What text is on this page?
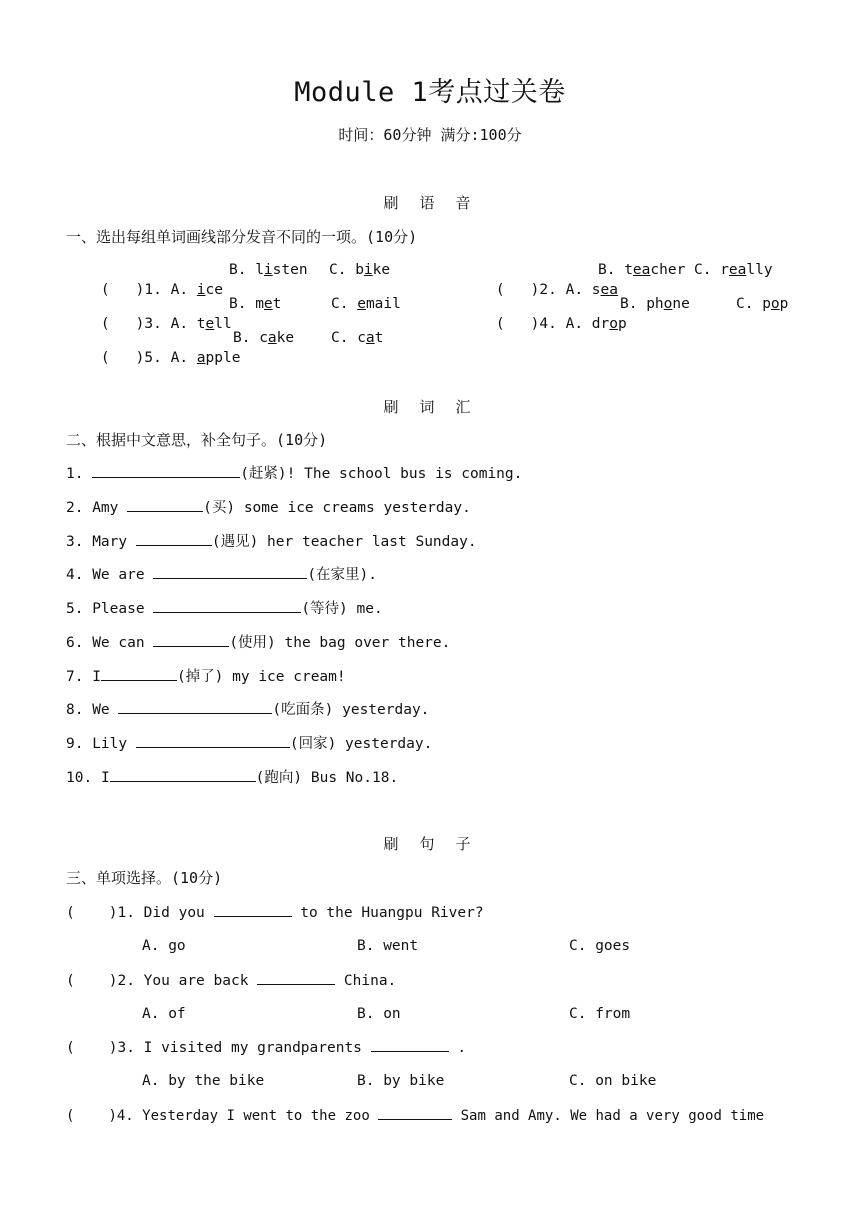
Module 1考点过关卷
时间：60分钟 满分:100分
刷 语 音
一、选出每组单词画线部分发音不同的一项。(10分)

( )1. A. ice

B. listen C. bike

( )2. A. sea

B. teacher C. really

( )3. A. tell

B. met	C. email

( )4. A. drop

B. phone	C. pop

( )5. A. apple

B. cake	C. cat
刷 词 汇
二、根据中文意思，补全句子。(10分)
1.	(赶紧)! The school bus is coming.
2. Amy	(买) some ice creams yesterday.
3. Mary	(遇见) her teacher last Sunday.
4. We are	(在家里).
5. Please	(等待) me.
6. We can	(使用) the bag over there.
7. I	(掉了) my ice cream!
8. We	(吃面条) yesterday.
9. Lily	(回家) yesterday.
10. I	(跑向) Bus No.18.
刷 句 子
三、单项选择。(10分)
( )1. Did you	to the Huangpu River?
A. go	B. went	C. goes
( )2. You are back	China.
A. of	B. on	C. from
( )3. I visited my grandparents	.
A. by the bike	B. by bike	C. on bike
( )4. Yesterday I went to the zoo	Sam and Amy. We had a very good time
